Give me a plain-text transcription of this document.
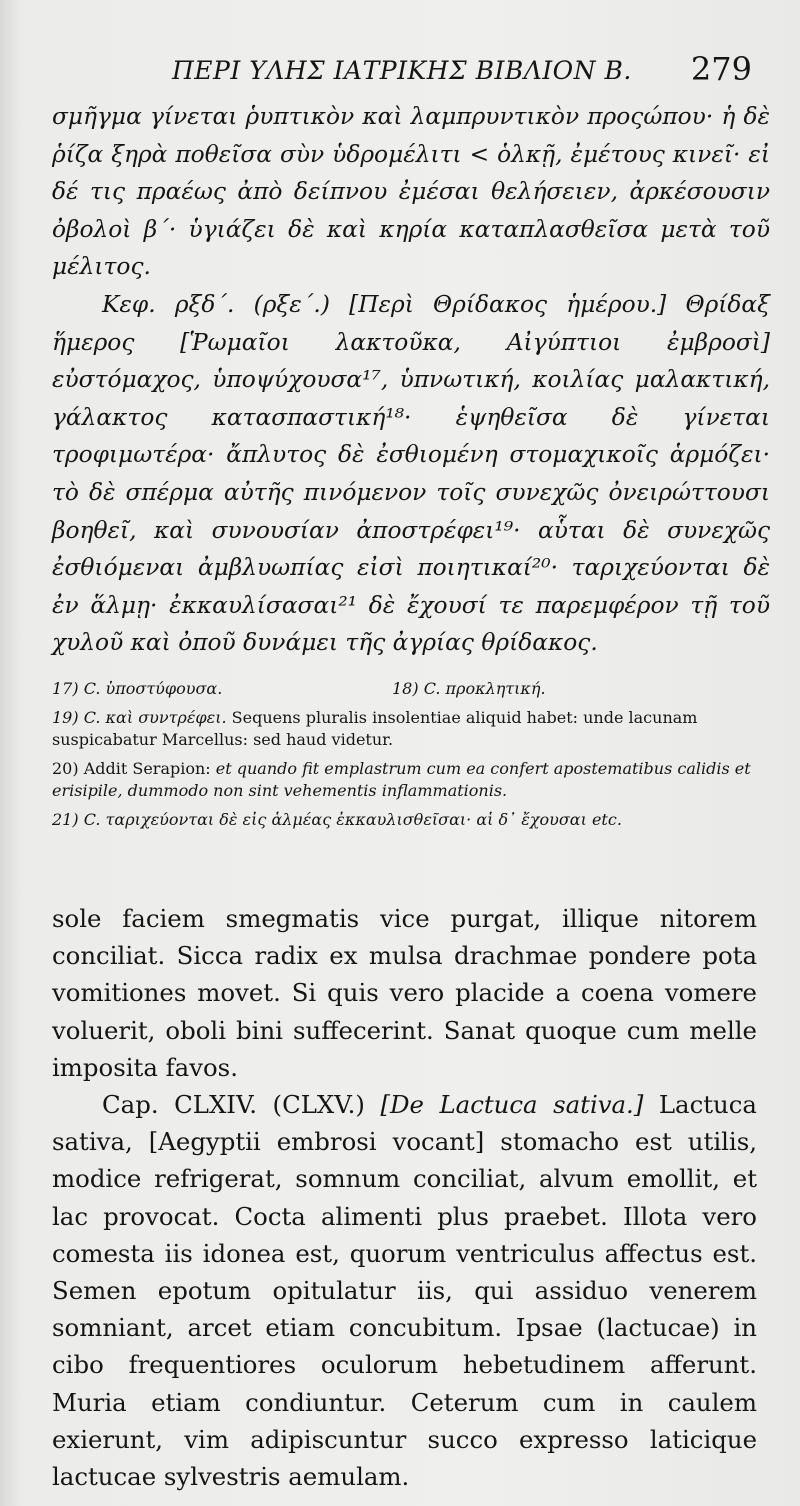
ΠΕΡΙ ΥΛΗΣ ΙΑΤΡΙΚΗΣ ΒΙΒΛΙΟΝ Β. 279

σμῆγμα γίνεται ῥυπτικὸν καὶ λαμπρυντικὸν προςώπου· ἡ δὲ ῥίζα ξηρὰ ποθεῖσα σὺν ὑδρομέλιτι < ὁλκῇ, ἐμέτους κινεῖ· εἰ δέ τις πραέως ἀπὸ δείπνου ἐμέσαι θελήσειεν, ἀρκέσουσιν ὀβολοὶ β΄· ὑγιάζει δὲ καὶ κηρία καταπλασθεῖσα μετὰ τοῦ μέλιτος.

Κεφ. ρξδ΄. (ρξε΄.) [Περὶ Θρίδακος ἡμέρου.] Θρίδαξ ἥμερος [Ῥωμαῖοι λακτοῦκα, Αἰγύπτιοι ἐμβροσὶ] εὐστόμαχος, ὑποψύχουσα¹⁷, ὑπνωτική, κοιλίας μαλακτική, γάλακτος κατασπαστική¹⁸· ἑψηθεῖσα δὲ γίνεται τροφιμωτέρα· ἄπλυτος δὲ ἐσθιομένη στομαχικοῖς ἁρμόζει· τὸ δὲ σπέρμα αὐτῆς πινόμενον τοῖς συνεχῶς ὀνειρώττουσι βοηθεῖ, καὶ συνουσίαν ἀποστρέφει¹⁹· αὗται δὲ συνεχῶς ἐσθιόμεναι ἀμβλυωπίας εἰσὶ ποιητικαί²⁰· ταριχεύονται δὲ ἐν ἅλμῃ· ἐκκαυλίσασαι²¹ δὲ ἔχουσί τε παρεμφέρον τῇ τοῦ χυλοῦ καὶ ὀποῦ δυνάμει τῆς ἀγρίας θρίδακος.

17) C. ὑποστύφουσα.	18) C. προκλητική.

19) C. καὶ συντρέφει. Sequens pluralis insolentiae aliquid habet: unde lacunam suspicabatur Marcellus: sed haud videtur.

20) Addit Serapion: et quando fit emplastrum cum ea confert apostematibus calidis et erisipile, dummodo non sint vehementis inflammationis.

21) C. ταριχεύονται δὲ εἰς ἁλμέας ἐκκαυλισθεῖσαι· αἱ δ᾽ ἔχουσαι etc.

sole faciem smegmatis vice purgat, illique nitorem conciliat. Sicca radix ex mulsa drachmae pondere pota vomitiones movet. Si quis vero placide a coena vomere voluerit, oboli bini suffecerint. Sanat quoque cum melle imposita favos.

Cap. CLXIV. (CLXV.) [De Lactuca sativa.] Lactuca sativa, [Aegyptii embrosi vocant] stomacho est utilis, modice refrigerat, somnum conciliat, alvum emollit, et lac provocat. Cocta alimenti plus praebet. Illota vero comesta iis idonea est, quorum ventriculus affectus est. Semen epotum opitulatur iis, qui assiduo venerem somniant, arcet etiam concubitum. Ipsae (lactucae) in cibo frequentiores oculorum hebetudinem afferunt. Muria etiam condiuntur. Ceterum cum in caulem exierunt, vim adipiscuntur succo expresso laticique lactucae sylvestris aemulam.
